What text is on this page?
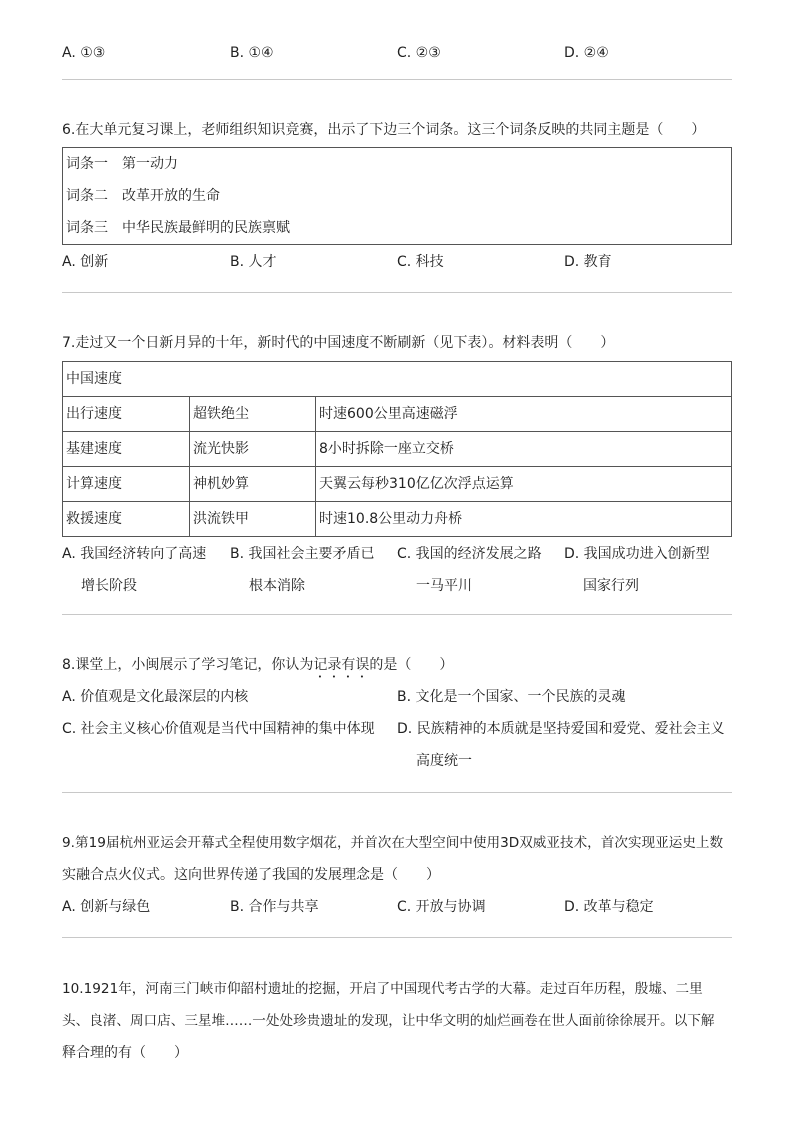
A. ①③	B. ①④	C. ②③	D. ②④
6.在大单元复习课上，老师组织知识竞赛，出示了下边三个词条。这三个词条反映的共同主题是（　　）
词条一　第一动力
词条二　改革开放的生命
词条三　中华民族最鲜明的民族禀赋
A. 创新	B. 人才	C. 科技	D. 教育
7.走过又一个日新月异的十年，新时代的中国速度不断刷新（见下表）。材料表明（　　）
中国速度		
出行速度	超铁绝尘	时速600公里高速磁浮
基建速度	流光快影	8小时拆除一座立交桥
计算速度	神机妙算	天翼云每秒310亿亿次浮点运算
救援速度	洪流铁甲	时速10.8公里动力舟桥
A. 我国经济转向了高速
增长阶段
B. 我国社会主要矛盾已
根本消除
C. 我国的经济发展之路
一马平川
D. 我国成功进入创新型
国家行列
8.课堂上，小闽展示了学习笔记，你认为记录有误的是（　　）
A. 价值观是文化最深层的内核	B. 文化是一个国家、一个民族的灵魂
C. 社会主义核心价值观是当代中国精神的集中体现 D. 民族精神的本质就是坚持爱国和爱党、爱社会主义
高度统一
9.第19届杭州亚运会开幕式全程使用数字烟花，并首次在大型空间中使用3D双威亚技术，首次实现亚运史上数
实融合点火仪式。这向世界传递了我国的发展理念是（　　）
A. 创新与绿色	B. 合作与共享	C. 开放与协调	D. 改革与稳定
10.1921年，河南三门峡市仰韶村遗址的挖掘，开启了中国现代考古学的大幕。走过百年历程，殷墟、二里
头、良渚、周口店、三星堆……一处处珍贵遗址的发现，让中华文明的灿烂画卷在世人面前徐徐展开。以下解
释合理的有（　　）
